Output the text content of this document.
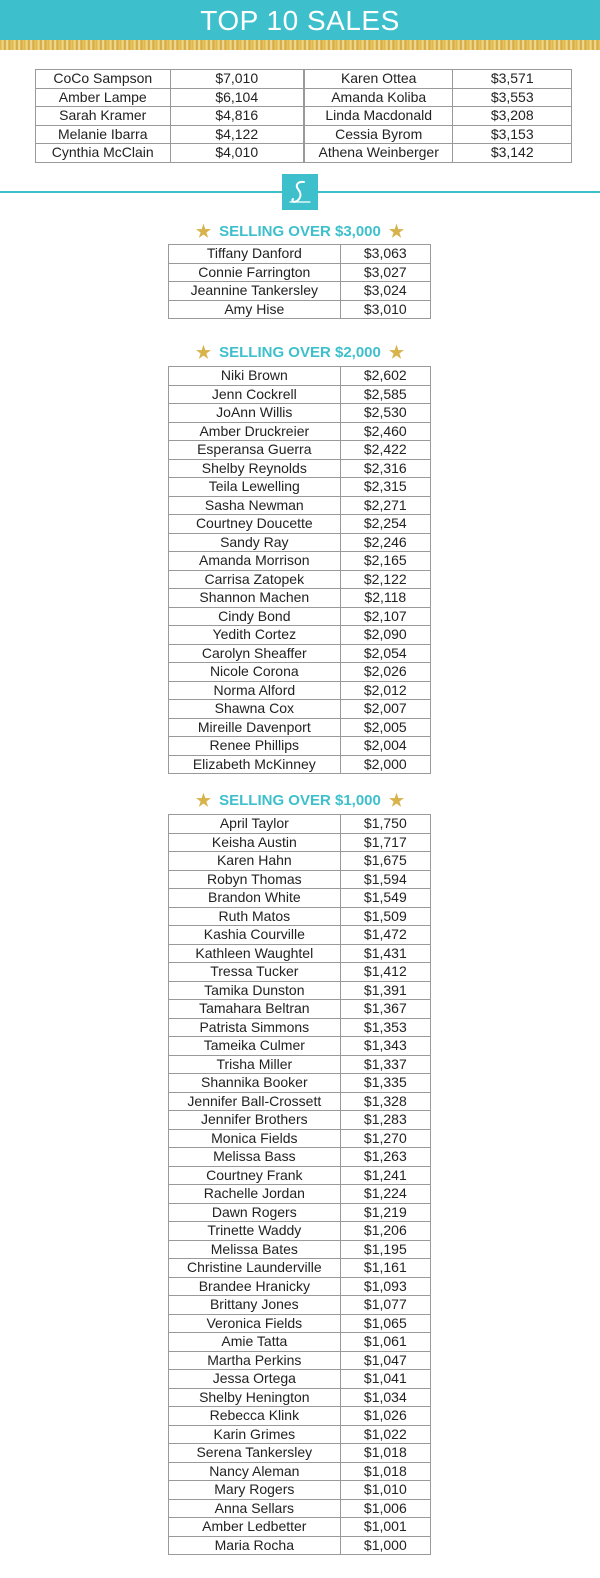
TOP 10 SALES
CoCo Sampson	$7,010	Karen Ottea	$3,571
Amber Lampe	$6,104	Amanda Koliba	$3,553
Sarah Kramer	$4,816	Linda Macdonald	$3,208
Melanie Ibarra	$4,122	Cessia Byrom	$3,153
Cynthia McClain	$4,010	Athena Weinberger	$3,142
★ SELLING OVER $3,000 ★
Tiffany Danford	$3,063
Connie Farrington	$3,027
Jeannine Tankersley	$3,024
Amy Hise	$3,010
★ SELLING OVER $2,000 ★
Niki Brown	$2,602
Jenn Cockrell	$2,585
JoAnn Willis	$2,530
Amber Druckreier	$2,460
Esperansa Guerra	$2,422
Shelby Reynolds	$2,316
Teila Lewelling	$2,315
Sasha Newman	$2,271
Courtney Doucette	$2,254
Sandy Ray	$2,246
Amanda Morrison	$2,165
Carrisa Zatopek	$2,122
Shannon Machen	$2,118
Cindy Bond	$2,107
Yedith Cortez	$2,090
Carolyn Sheaffer	$2,054
Nicole Corona	$2,026
Norma Alford	$2,012
Shawna Cox	$2,007
Mireille Davenport	$2,005
Renee Phillips	$2,004
Elizabeth McKinney	$2,000
★ SELLING OVER $1,000 ★
April Taylor	$1,750
Keisha Austin	$1,717
Karen Hahn	$1,675
Robyn Thomas	$1,594
Brandon White	$1,549
Ruth Matos	$1,509
Kashia Courville	$1,472
Kathleen Waughtel	$1,431
Tressa Tucker	$1,412
Tamika Dunston	$1,391
Tamahara Beltran	$1,367
Patrista Simmons	$1,353
Tameika Culmer	$1,343
Trisha Miller	$1,337
Shannika Booker	$1,335
Jennifer Ball-Crossett	$1,328
Jennifer Brothers	$1,283
Monica Fields	$1,270
Melissa Bass	$1,263
Courtney Frank	$1,241
Rachelle Jordan	$1,224
Dawn Rogers	$1,219
Trinette Waddy	$1,206
Melissa Bates	$1,195
Christine Launderville	$1,161
Brandee Hranicky	$1,093
Brittany Jones	$1,077
Veronica Fields	$1,065
Amie Tatta	$1,061
Martha Perkins	$1,047
Jessa Ortega	$1,041
Shelby Henington	$1,034
Rebecca Klink	$1,026
Karin Grimes	$1,022
Serena Tankersley	$1,018
Nancy Aleman	$1,018
Mary Rogers	$1,010
Anna Sellars	$1,006
Amber Ledbetter	$1,001
Maria Rocha	$1,000
